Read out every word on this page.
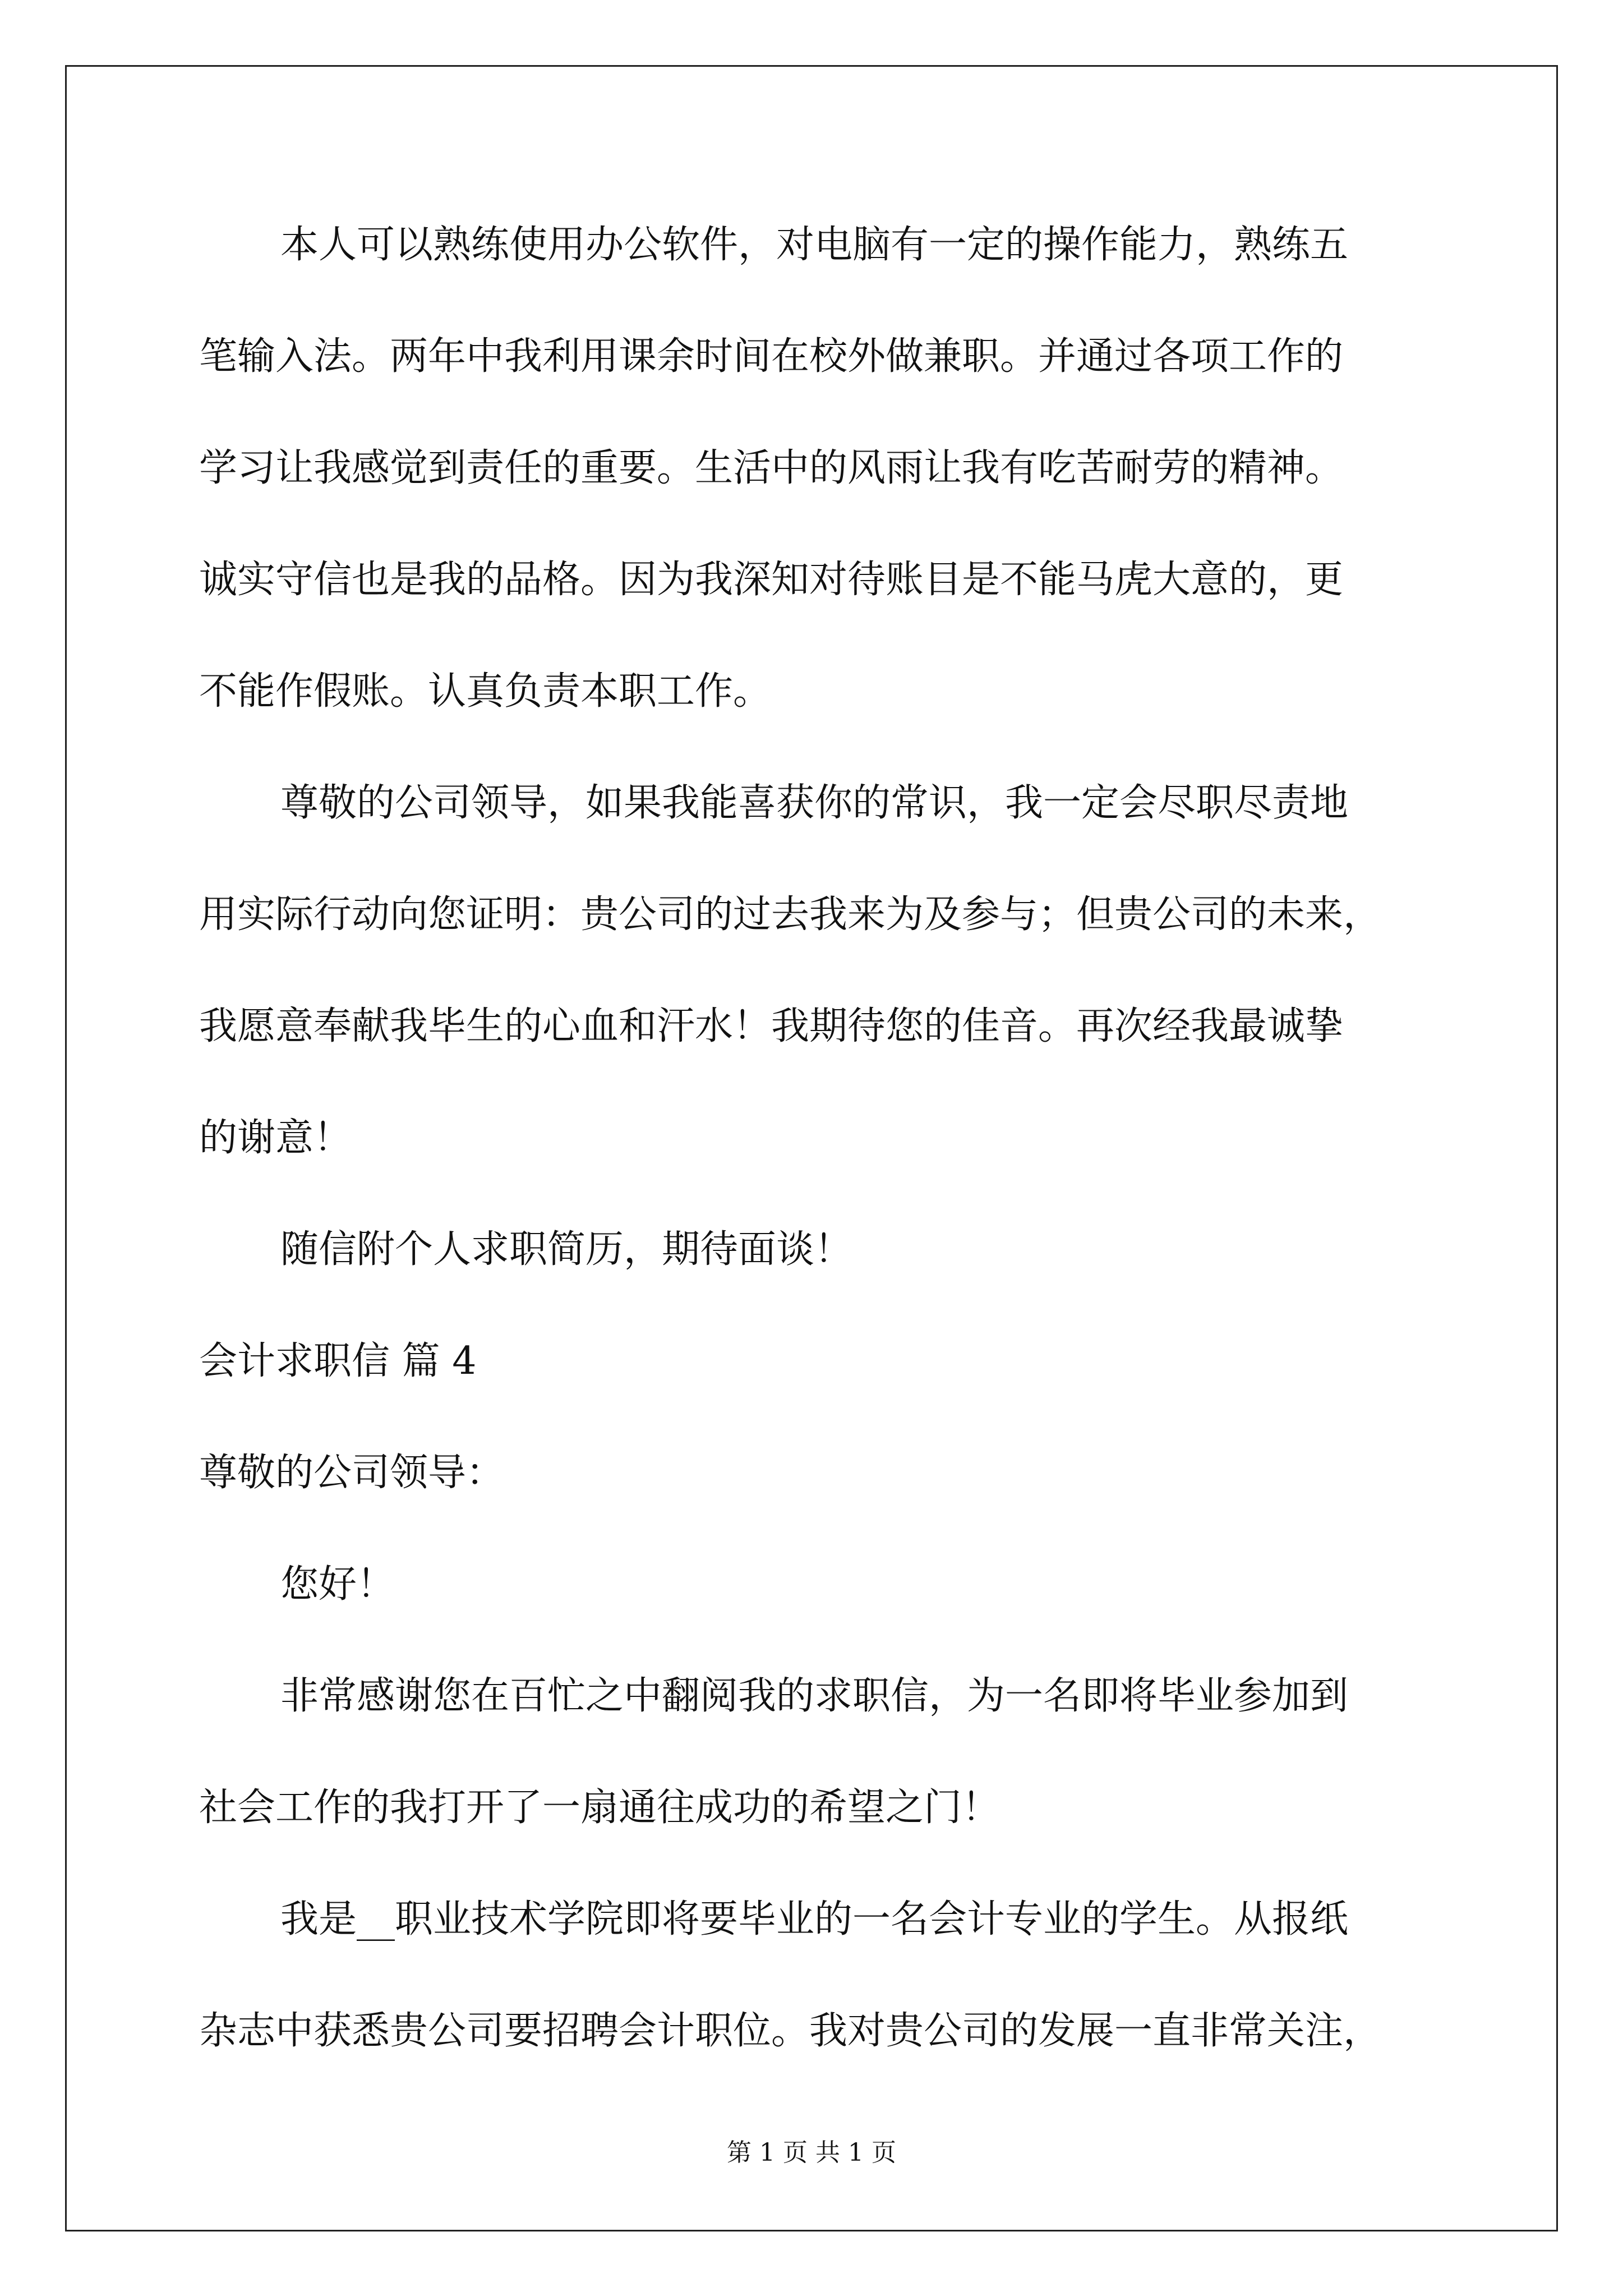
本人可以熟练使用办公软件，对电脑有一定的操作能力，熟练五
笔输入法。两年中我利用课余时间在校外做兼职。并通过各项工作的
学习让我感觉到责任的重要。生活中的风雨让我有吃苦耐劳的精神。
诚实守信也是我的品格。因为我深知对待账目是不能马虎大意的，更
不能作假账。认真负责本职工作。
尊敬的公司领导，如果我能喜获你的常识，我一定会尽职尽责地
用实际行动向您证明：贵公司的过去我来为及参与；但贵公司的未来，
我愿意奉献我毕生的心血和汗水！我期待您的佳音。再次经我最诚挚
的谢意！
随信附个人求职简历，期待面谈！
会计求职信 篇 4
尊敬的公司领导：
您好！
非常感谢您在百忙之中翻阅我的求职信，为一名即将毕业参加到
社会工作的我打开了一扇通往成功的希望之门！
我是__职业技术学院即将要毕业的一名会计专业的学生。从报纸
杂志中获悉贵公司要招聘会计职位。我对贵公司的发展一直非常关注，
第 1 页 共 1 页
